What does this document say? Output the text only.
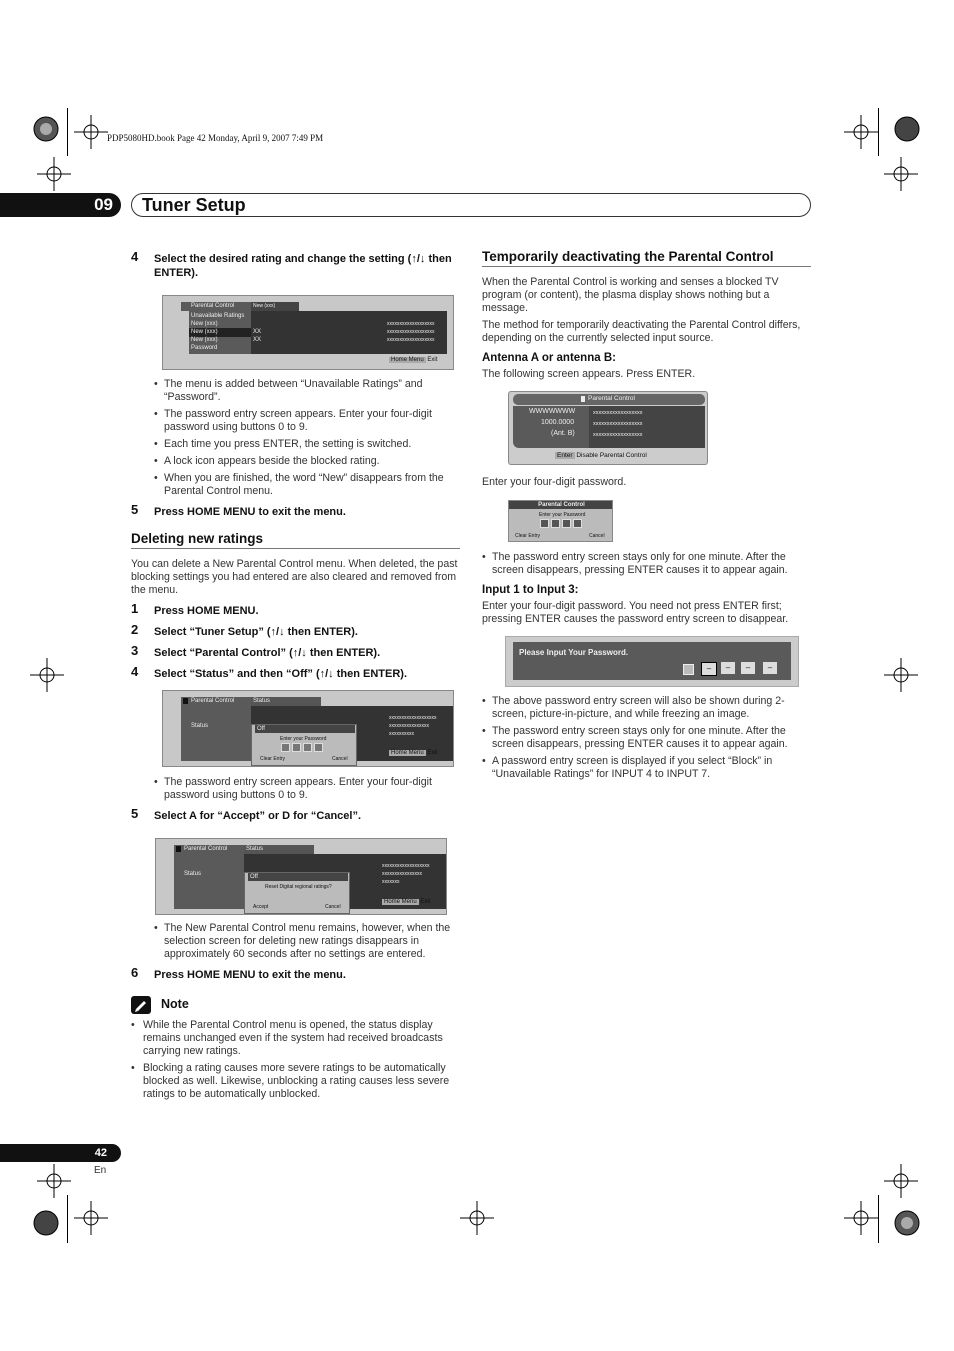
PDP5080HD.book Page 42 Monday, April 9, 2007 7:49 PM
09	Tuner Setup
4 Select the desired rating and change the setting (↑/↓ then ENTER).
Parental Control	New (xxx)
Unavailable Ratings
New (xxx)
New (xxx)
New (xxx)
Password
XX
XX
xxxxxxxxxxxxxxxxxxx
xxxxxxxxxxxxxxxxxxx
xxxxxxxxxxxxxxxxxxx
Home Menu Exit
• The menu is added between “Unavailable Ratings” and “Password”.
• The password entry screen appears. Enter your four-digit password using buttons 0 to 9.
• Each time you press ENTER, the setting is switched.
• A lock icon appears beside the blocked rating.
• When you are finished, the word “New” disappears from the Parental Control menu.
5 Press HOME MENU to exit the menu.
Deleting new ratings
You can delete a New Parental Control menu. When deleted, the past blocking settings you had entered are also cleared and removed from the menu.
1 Press HOME MENU.
2 Select “Tuner Setup” (↑/↓ then ENTER).
3 Select “Parental Control” (↑/↓ then ENTER).
4 Select “Status” and then “Off” (↑/↓ then ENTER).
Parental Control	Status
Status
xxxxxxxxxxxxxxxxxxx
xxxxxxxxxxxxxxxx
xxxxxxxxxx
Off
Enter your Password
Clear Entry	Cancel
Home Menu Exit
• The password entry screen appears. Enter your four-digit password using buttons 0 to 9.
5 Select A for “Accept” or D for “Cancel”.
Parental Control	Status
Status
xxxxxxxxxxxxxxxxxxx
xxxxxxxxxxxxxxxx
xxxxxxx
Off
Reset Digital regional ratings?
Accept	Cancel
Home Menu Exit
• The New Parental Control menu remains, however, when the selection screen for deleting new ratings disappears in approximately 60 seconds after no settings are entered.
6 Press HOME MENU to exit the menu.
Note
• While the Parental Control menu is opened, the status display remains unchanged even if the system had received broadcasts carrying new ratings.
• Blocking a rating causes more severe ratings to be automatically blocked as well. Likewise, unblocking a rating causes less severe ratings to be automatically unblocked.
Temporarily deactivating the Parental Control
When the Parental Control is working and senses a blocked TV program (or content), the plasma display shows nothing but a message.
The method for temporarily deactivating the Parental Control differs, depending on the currently selected input source.
Antenna A or antenna B:
The following screen appears. Press ENTER.
Parental Control
WWWWWWW
1000.0000
(Ant. B)
xxxxxxxxxxxxxxxxxx
xxxxxxxxxxxxxxxxxx
xxxxxxxxxxxxxxxxxx
Enter Disable Parental Control
Enter your four-digit password.
Parental Control
Enter your Password
Clear Entry	Cancel
• The password entry screen stays only for one minute. After the screen disappears, pressing ENTER causes it to appear again.
Input 1 to Input 3:
Enter your four-digit password. You need not press ENTER first; pressing ENTER causes the password entry screen to disappear.
Please Input Your Password.
–	–	–	–
• The above password entry screen will also be shown during 2-screen, picture-in-picture, and while freezing an image.
• The password entry screen stays only for one minute. After the screen disappears, pressing ENTER causes it to appear again.
• A password entry screen is displayed if you select “Block” in “Unavailable Ratings” for INPUT 4 to INPUT 7.
42
En
